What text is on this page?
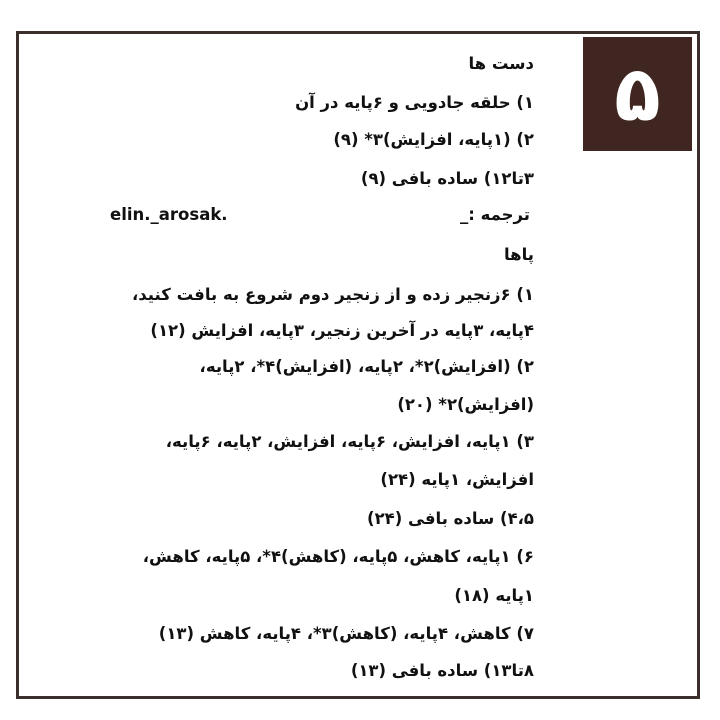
۵
دست ها
۱) حلقه جادویی و ۶پایه در آن
۲) (۱پایه، افزایش)۳* (۹)
۳تا۱۲) ساده بافی (۹)
elin._arosak.	ترجمه :_
پاها
۱) ۶زنجیر زده و از زنجیر دوم شروع به بافت کنید،
۴پایه، ۳پایه در آخرین زنجیر، ۳پایه، افزایش (۱۲)
۲) (افزایش)۲*، ۲پایه، (افزایش)۴*، ۲پایه،
(افزایش)۲* (۲۰)
۳) ۱پایه، افزایش، ۶پایه، افزایش، ۲پایه، ۶پایه،
افزایش، ۱پایه (۲۴)
۴،۵) ساده بافی (۲۴)
۶) ۱پایه، کاهش، ۵پایه، (کاهش)۴*، ۵پایه، کاهش،
۱پایه (۱۸)
۷) کاهش، ۴پایه، (کاهش)۳*، ۴پایه، کاهش (۱۳)
۸تا۱۳) ساده بافی (۱۳)
